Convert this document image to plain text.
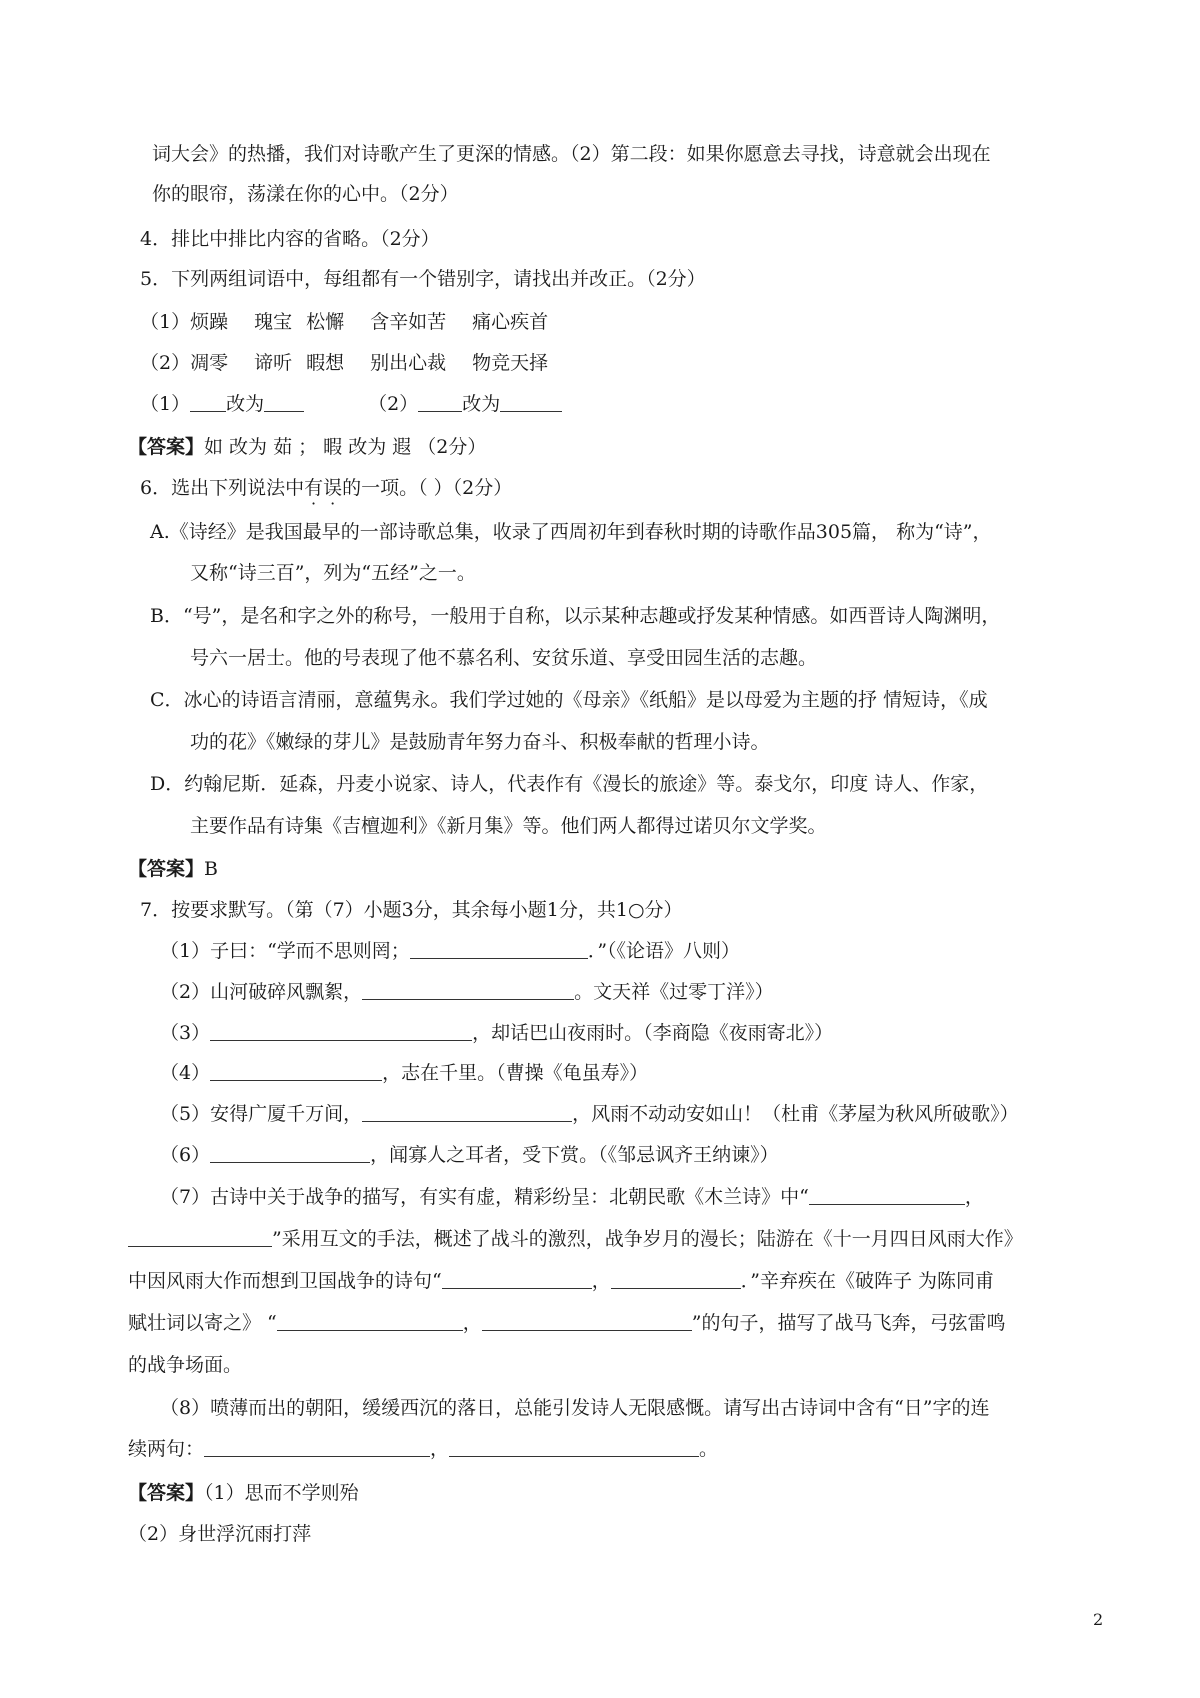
词大会》的热播，我们对诗歌产生了更深的情感。（2）第二段：如果你愿意去寻找，诗意就会出现在
你的眼帘，荡漾在你的心中。（2分）
4．排比中排比内容的省略。（2分）
5．下列两组词语中，每组都有一个错别字，请找出并改正。（2分）
（1）烦躁 瑰宝 松懈 含辛如苦 痛心疾首
（2）凋零 谛听 暇想 别出心裁 物竞天择
（1） 改为	（2） 改为
【答案】如 改为 茹 ； 暇 改为 遐 （2分）
6．选出下列说法中有误的一项。（ ）（2分）
A.《诗经》是我国最早的一部诗歌总集，收录了西周初年到春秋时期的诗歌作品305篇， 称为“诗”，
又称“诗三百”，列为“五经”之一。
B．“号”，是名和字之外的称号，一般用于自称，以示某种志趣或抒发某种情感。如西晋诗人陶渊明，
号六一居士。他的号表现了他不慕名利、安贫乐道、享受田园生活的志趣。
C．冰心的诗语言清丽，意蕴隽永。我们学过她的《母亲》《纸船》是以母爱为主题的抒 情短诗，《成
功的花》《嫩绿的芽儿》是鼓励青年努力奋斗、积极奉献的哲理小诗。
D．约翰尼斯．延森，丹麦小说家、诗人，代表作有《漫长的旅途》等。泰戈尔，印度 诗人、作家，
主要作品有诗集《吉檀迦利》《新月集》等。他们两人都得过诺贝尔文学奖。
【答案】B
7．按要求默写。（第（7）小题3分，其余每小题1分，共1○分）
（1）子曰：“学而不思则罔；	．”（《论语》八则）
（2）山河破碎风飘絮，	。文天祥《过零丁洋》）
（3）	，却话巴山夜雨时。（李商隐《夜雨寄北》）
（4）	，志在千里。（曹操《龟虽寿》）
（5）安得广厦千万间，	，风雨不动动安如山！（杜甫《茅屋为秋风所破歌》）
（6）	，闻寡人之耳者，受下赏。（《邹忌讽齐王纳谏》）
（7）古诗中关于战争的描写，有实有虚，精彩纷呈：北朝民歌《木兰诗》中“	，
”采用互文的手法，概述了战斗的激烈，战争岁月的漫长；陆游在《十一月四日风雨大作》
中因风雨大作而想到卫国战争的诗句“	，	．”辛弃疾在《破阵子 为陈同甫
赋壮词以寄之》 “	，	”的句子，描写了战马飞奔，弓弦雷鸣
的战争场面。
（8）喷薄而出的朝阳，缓缓西沉的落日，总能引发诗人无限感慨。请写出古诗词中含有“日”字的连
续两句：	，	。
【答案】（1）思而不学则殆
（2）身世浮沉雨打萍
2
